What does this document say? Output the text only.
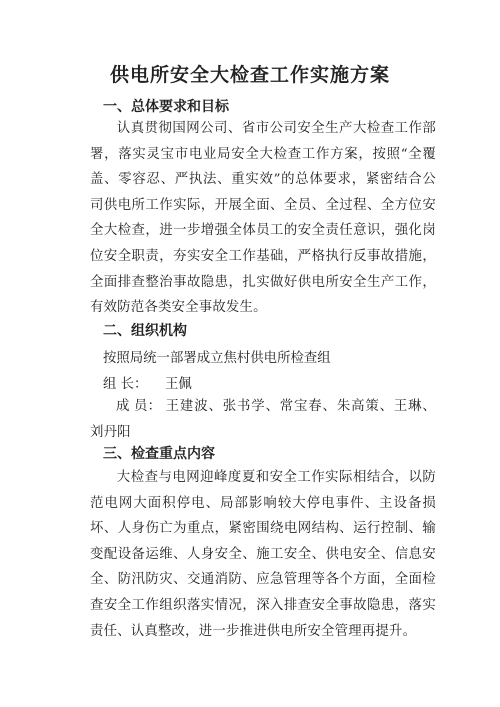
供电所安全大检查工作实施方案
一、总体要求和目标
认真贯彻国网公司、省市公司安全生产大检查工作部署，落实灵宝市电业局安全大检查工作方案，按照“全覆盖、零容忍、严执法、重实效”的总体要求，紧密结合公司供电所工作实际，开展全面、全员、全过程、全方位安全大检查，进一步增强全体员工的安全责任意识，强化岗位安全职责，夯实安全工作基础，严格执行反事故措施，全面排查整治事故隐患，扎实做好供电所安全生产工作，有效防范各类安全事故发生。
二、组织机构
按照局统一部署成立焦村供电所检查组
组 长： 王佩
成 员： 王建波、张书学、常宝春、朱高策、王琳、刘丹阳
三、检查重点内容
大检查与电网迎峰度夏和安全工作实际相结合，以防范电网大面积停电、局部影响较大停电事件、主设备损坏、人身伤亡为重点，紧密围绕电网结构、运行控制、输变配设备运维、人身安全、施工安全、供电安全、信息安全、防汛防灾、交通消防、应急管理等各个方面，全面检查安全工作组织落实情况，深入排查安全事故隐患，落实责任、认真整改，进一步推进供电所安全管理再提升。
